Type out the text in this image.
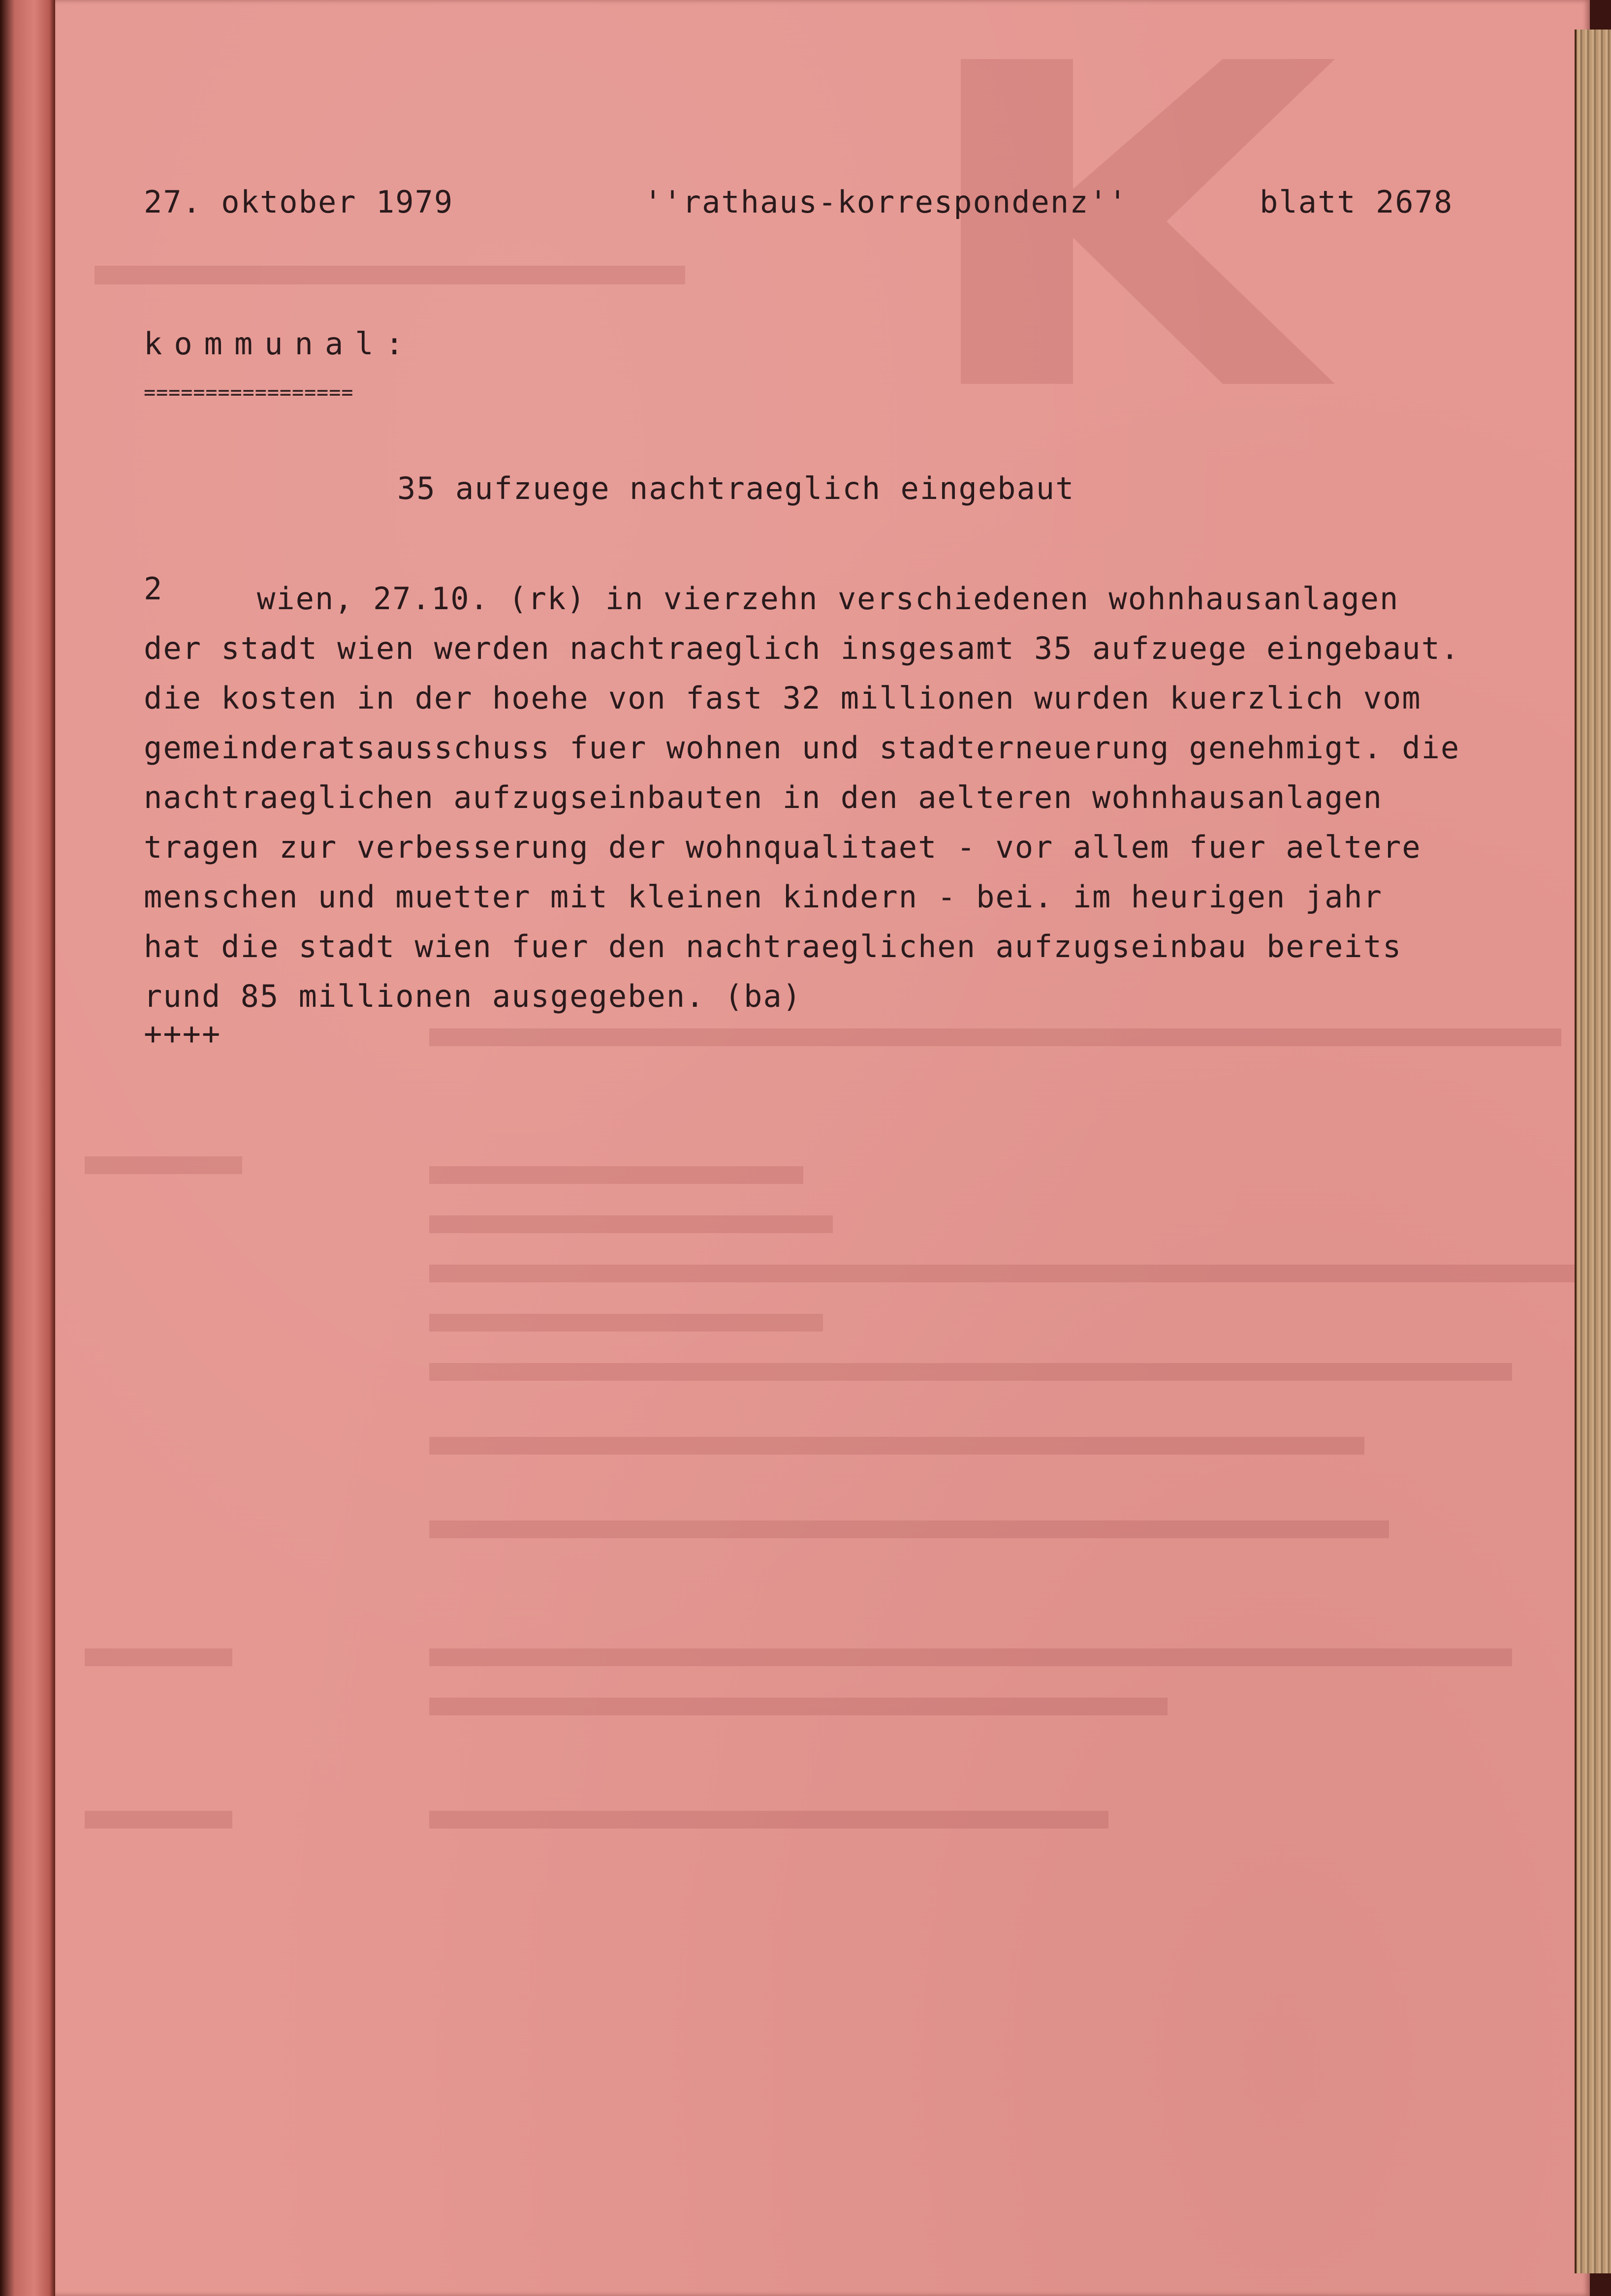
27. oktober 1979	''rathaus-korrespondenz''	blatt 2678
kommunal:
=================
35 aufzuege nachtraeglich eingebaut
2	wien, 27.10. (rk) in vierzehn verschiedenen wohnhausanlagen
der stadt wien werden nachtraeglich insgesamt 35 aufzuege eingebaut.
die kosten in der hoehe von fast 32 millionen wurden kuerzlich vom
gemeinderatsausschuss fuer wohnen und stadterneuerung genehmigt. die
nachtraeglichen aufzugseinbauten in den aelteren wohnhausanlagen
tragen zur verbesserung der wohnqualitaet - vor allem fuer aeltere
menschen und muetter mit kleinen kindern - bei. im heurigen jahr
hat die stadt wien fuer den nachtraeglichen aufzugseinbau bereits
rund 85 millionen ausgegeben. (ba)
++++
